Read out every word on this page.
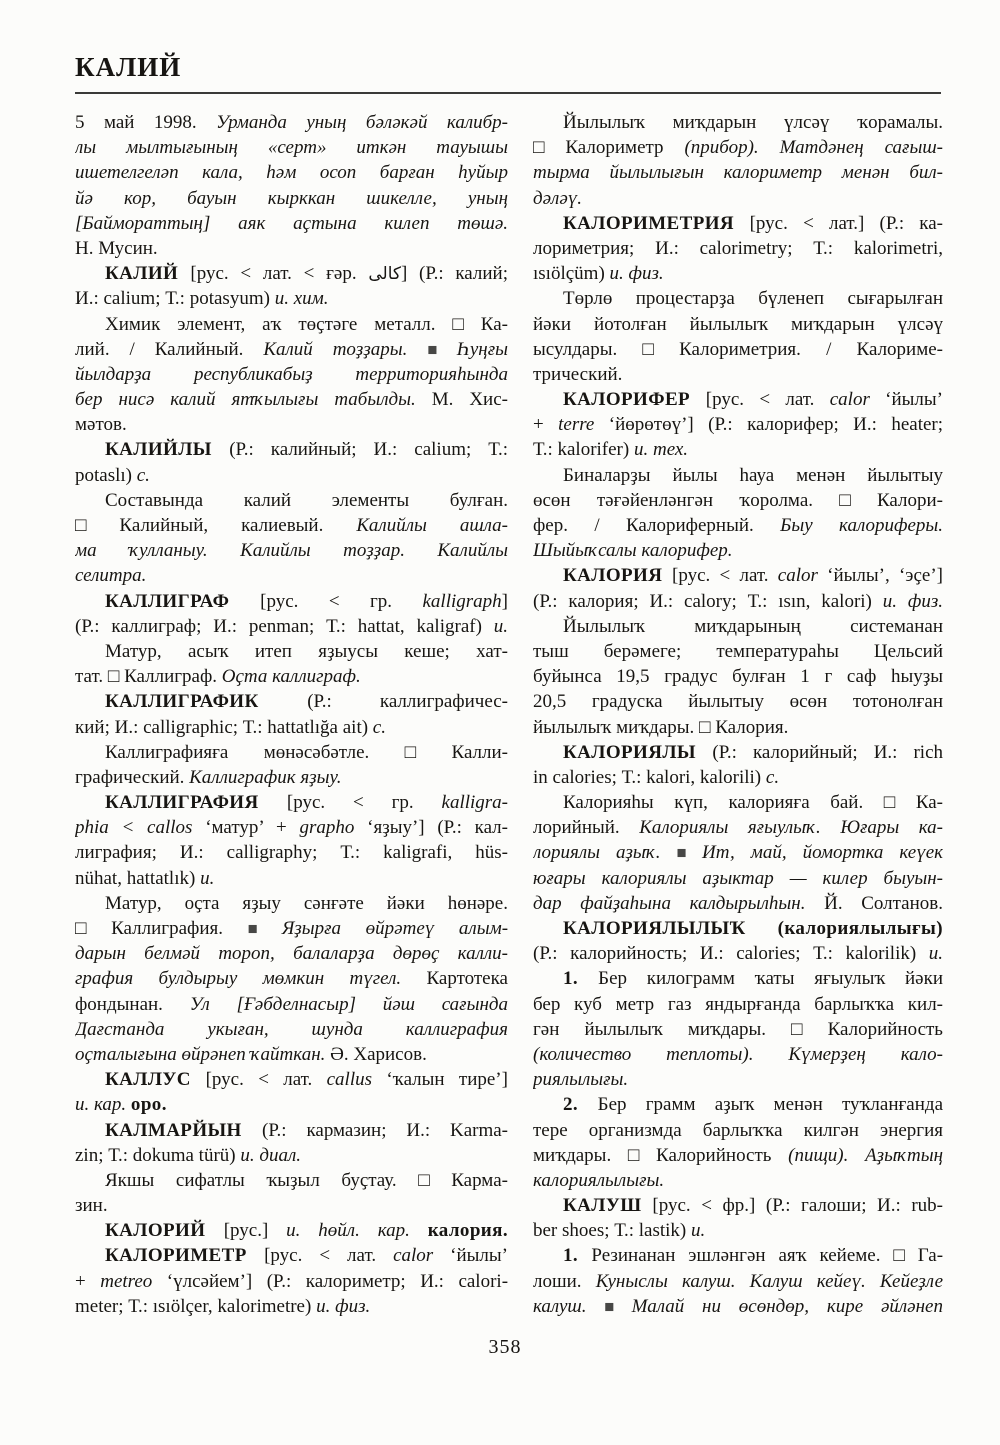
КАЛИЙ
5 май 1998. Урманда уның бәләкәй калибр-
лы мылтығының «серт» иткән тауышы
ишетелгеләп кала, һәм осоп барған һуйыр
йә кор, бауын кырккан шикелле, уның
[Баймораттың] аяк аҫтына килеп төшә.
Н. Мусин.
КАЛИЙ [рус. < лат. < ғәр. كالى] (Р.: калий;
И.: calium; Т.: potasyum) и. хим.
Химик элемент, аҡ төҫтәге металл. □ Ка-
лий. / Калийный. Калий тоҙҙары. ■ Һуңғы
йылдарҙа республикабыҙ территорияһында
бер нисә калий ятҡылығы табылды. М. Хис-
мәтов.
КАЛИЙЛЫ (Р.: калийный; И.: calium; Т.:
potaslı) с.
Составында калий элементы булған.
□ Калийный, калиевый. Калийлы ашла-
ма ҡулланыу. Калийлы тоҙҙар. Калийлы
селитра.
КАЛЛИГРАФ [рус. < гр. kalligraph]
(Р.: каллиграф; И.: penman; Т.: hattat, kaligraf) и.
Матур, асыҡ итеп яҙыусы кеше; хат-
тат. □ Каллиграф. Оҫта каллиграф.
КАЛЛИГРАФИК (Р.: каллиграфичес-
кий; И.: calligraphic; Т.: hattatlığa ait) с.
Каллиграфияға мөнәсәбәтле. □ Калли-
графический. Каллиграфик яҙыу.
КАЛЛИГРАФИЯ [рус. < гр. kalligra-
phia < callos ‘матур’ + grapho ‘яҙыу’] (Р.: кал-
лиграфия; И.: calligraphy; Т.: kaligrafi, hüs-
nühat, hattatlık) и.
Матур, оҫта яҙыу сәнғәте йәки һөнәре.
□ Каллиграфия. ■ Яҙырға өйрәтеү алым-
дарын белмәй тороп, балаларҙа дөрөҫ калли-
графия булдырыу мөмкин түгел. Картотека
фондынан. Ул [Ғәбделнасыр] йәш сағында
Дағстанда укыған, шунда каллиграфия
оҫталығына өйрәнеп ҡайткан. Ә. Харисов.
КАЛЛУС [рус. < лат. callus ‘ҡалын тире’]
и. кар. оро.
КАЛМАРЙЫН (Р.: кармазин; И.: Karma-
zin; Т.: dokuma türü) и. диал.
Якшы сифатлы ҡыҙыл буҫтау. □ Карма-
зин.
КАЛОРИЙ [рус.] и. һөйл. кар. калория.
КАЛОРИМЕТР [рус. < лат. calor ‘йылы’
+ metreo ‘үлсәйем’] (Р.: калориметр; И.: calori-
meter; Т.: ısıölçer, kalorimetre) и. физ.
Йылылыҡ миҡдарын үлсәү ҡорамалы.
□ Калориметр (прибор). Матдәнең сағыш-
тырма йылылығын калориметр менән бил-
дәләү.
КАЛОРИМЕТРИЯ [рус. < лат.] (Р.: ка-
лориметрия; И.: calorimetry; Т.: kalorimetri,
ısıölçüm) и. физ.
Төрлө процестарҙа бүленеп сығарылған
йәки йотолған йылылыҡ миҡдарын үлсәү
ысулдары. □ Калориметрия. / Калориме-
трический.
КАЛОРИФЕР [рус. < лат. calor ‘йылы’
+ terre ‘йөрөтөү’] (Р.: калорифер; И.: heater;
Т.: kalorifer) и. тех.
Биналарҙы йылы һауа менән йылытыу
өсөн тәғәйенләнгән ҡоролма. □ Калори-
фер. / Калориферный. Быу калориферы.
Шыйыҡсалы калорифер.
КАЛОРИЯ [рус. < лат. calor ‘йылы’, ‘эҫе’]
(Р.: калория; И.: calory; Т.: ısın, kalori) и. физ.
Йылылыҡ миҡдарының системанан
тыш берәмеге; температураһы Цельсий
буйынса 19,5 градус булған 1 г саф һыуҙы
20,5 градуска йылытыу өсөн тотонолған
йылылыҡ миҡдары. □ Калория.
КАЛОРИЯЛЫ (Р.: калорийный; И.: rich
in calories; Т.: kalori, kalorili) с.
Калорияһы күп, калорияға бай. □ Ка-
лорийный. Калориялы яғыулыҡ. Юғары ка-
лориялы аҙыҡ. ■ Ит, май, йомортка кеүек
юғары калориялы аҙыктар — килер быуын-
дар файҙаһына калдырылһын. Й. Солтанов.
КАЛОРИЯЛЫЛЫҠ (калориялылығы)
(Р.: калорийность; И.: calories; Т.: kalorilik) и.
1. Бер килограмм ҡаты яғыулыҡ йәки
бер куб метр газ яндырғанда барлыҡҡа кил-
гән йылылыҡ миҡдары. □ Калорийность
(количество теплоты). Күмерҙең кало-
риялылығы.
2. Бер грамм аҙыҡ менән туҡланғанда
тере организмда барлыҡҡа килгән энергия
миҡдары. □ Калорийность (пищи). Аҙыҡтың
калориялылығы.
КАЛУШ [рус. < фр.] (Р.: галоши; И.: rub-
ber shoes; Т.: lastik) и.
1. Резинанан эшләнгән аяҡ кейеме. □ Га-
лоши. Куныслы калуш. Калуш кейеү. Кейеҙле
калуш. ■ Малай ни өсөндөр, кире әйләнеп
358
